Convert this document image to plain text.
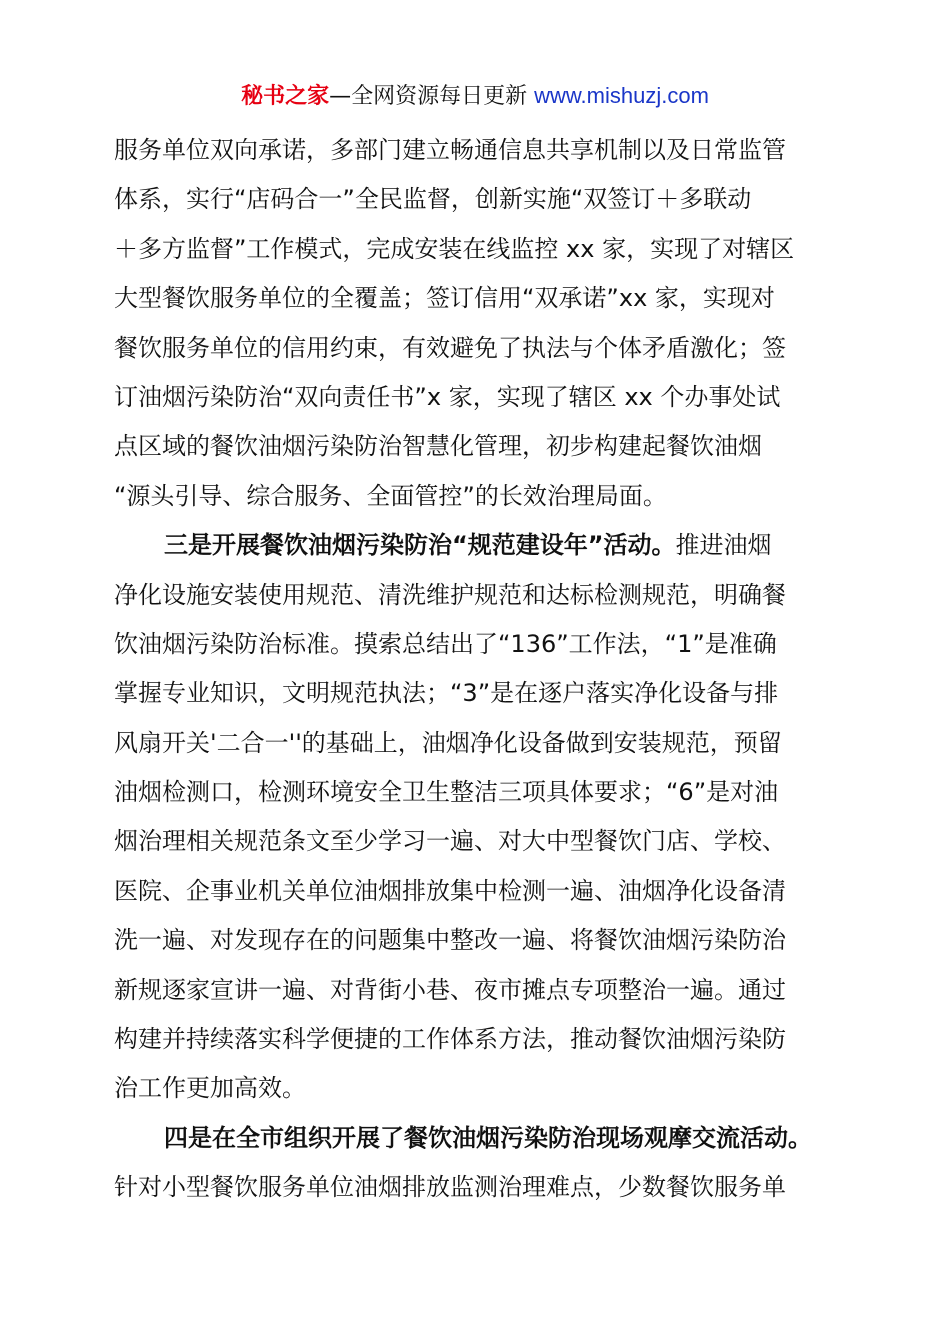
秘书之家—全网资源每日更新 www.mishuzj.com
服务单位双向承诺，多部门建立畅通信息共享机制以及日常监管
体系，实行“店码合一”全民监督，创新实施“双签订＋多联动
＋多方监督”工作模式，完成安装在线监控 xx 家，实现了对辖区
大型餐饮服务单位的全覆盖；签订信用“双承诺”xx 家，实现对
餐饮服务单位的信用约束，有效避免了执法与个体矛盾激化；签
订油烟污染防治“双向责任书”x 家，实现了辖区 xx 个办事处试
点区域的餐饮油烟污染防治智慧化管理，初步构建起餐饮油烟
“源头引导、综合服务、全面管控”的长效治理局面。
三是开展餐饮油烟污染防治“规范建设年”活动。推进油烟
净化设施安装使用规范、清洗维护规范和达标检测规范，明确餐
饮油烟污染防治标准。摸索总结出了“136”工作法，“1”是准确
掌握专业知识，文明规范执法；“3”是在逐户落实净化设备与排
风扇开关'二合一''的基础上，油烟净化设备做到安装规范，预留
油烟检测口，检测环境安全卫生整洁三项具体要求；“6”是对油
烟治理相关规范条文至少学习一遍、对大中型餐饮门店、学校、
医院、企事业机关单位油烟排放集中检测一遍、油烟净化设备清
洗一遍、对发现存在的问题集中整改一遍、将餐饮油烟污染防治
新规逐家宣讲一遍、对背街小巷、夜市摊点专项整治一遍。通过
构建并持续落实科学便捷的工作体系方法，推动餐饮油烟污染防
治工作更加高效。
四是在全市组织开展了餐饮油烟污染防治现场观摩交流活动。
针对小型餐饮服务单位油烟排放监测治理难点，少数餐饮服务单
